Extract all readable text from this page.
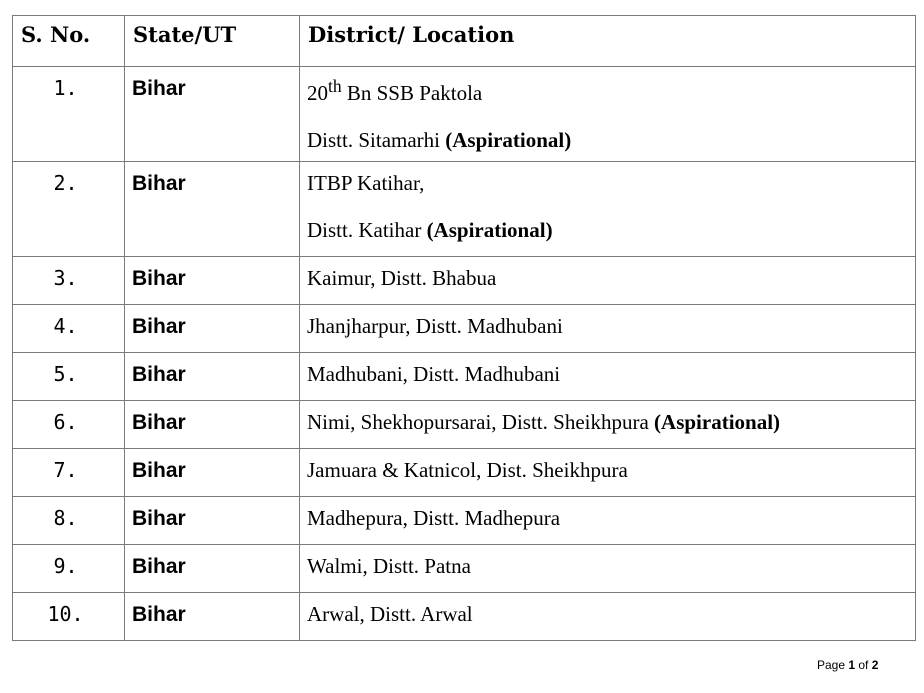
S. No.	State/UT	District/ Location

1.	Bihar	20th Bn SSB Paktola
Distt. Sitamarhi (Aspirational)

2.	Bihar	ITBP Katihar,
Distt. Katihar (Aspirational)

3.	Bihar	Kaimur, Distt. Bhabua

4.	Bihar	Jhanjharpur, Distt. Madhubani

5.	Bihar	Madhubani, Distt. Madhubani

6.	Bihar	Nimi, Shekhopursarai, Distt. Sheikhpura (Aspirational)

7.	Bihar	Jamuara & Katnicol, Dist. Sheikhpura

8.	Bihar	Madhepura, Distt. Madhepura

9.	Bihar	Walmi, Distt. Patna

10.	Bihar	Arwal, Distt. Arwal
Page 1 of 2
